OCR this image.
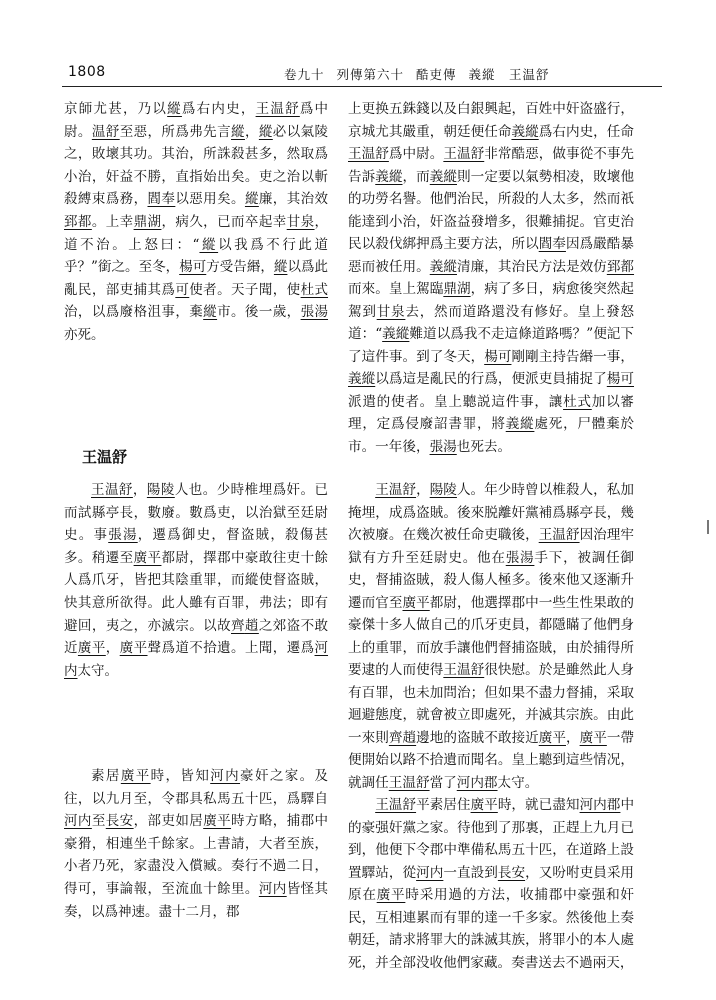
1808	卷九十 列傳第六十 酷吏傳 義縱　王温舒

京師尤甚，乃以縱爲右内史，王温舒爲中尉。温舒至惡，所爲弗先言縱，縱必以氣陵之，敗壞其功。其治，所誅殺甚多，然取爲小治，奸益不勝，直指始出矣。吏之治以斬殺縛束爲務，閻奉以惡用矣。縱廉，其治效郅都。上幸鼎湖，病久，已而卒起幸甘泉，道不治。上怒曰：“縱以我爲不行此道乎？”銜之。至冬，楊可方受告緡，縱以爲此亂民，部吏捕其爲可使者。天子聞，使杜式治，以爲廢格沮事，棄縱市。後一歲，張湯亦死。

王温舒

王温舒，陽陵人也。少時椎埋爲奸。已而試縣亭長，數廢。數爲吏，以治獄至廷尉史。事張湯，遷爲御史，督盗賊，殺傷甚多。稍遷至廣平都尉，擇郡中豪敢往吏十餘人爲爪牙，皆把其陰重罪，而縱使督盗賊，快其意所欲得。此人雖有百罪，弗法；即有避回，夷之，亦滅宗。以故齊趙之郊盗不敢近廣平，廣平聲爲道不拾遺。上聞，遷爲河内太守。

素居廣平時，皆知河内豪奸之家。及往，以九月至，令郡具私馬五十匹，爲驛自河内至長安，部吏如居廣平時方略，捕郡中豪猾，相連坐千餘家。上書請，大者至族，小者乃死，家盡没入償臧。奏行不過二日，得可，事論報，至流血十餘里。河内皆怪其奏，以爲神速。盡十二月，郡

上更换五銖錢以及白銀興起，百姓中奸盗盛行，京城尤其嚴重，朝廷便任命義縱爲右内史，任命王温舒爲中尉。王温舒非常酷惡，做事從不事先告訴義縱，而義縱則一定要以氣勢相凌，敗壞他的功勞名譽。他們治民，所殺的人太多，然而祇能達到小治，奸盗益發增多，很難捕捉。官吏治民以殺伐綁押爲主要方法，所以閻奉因爲嚴酷暴惡而被任用。義縱清廉，其治民方法是效仿郅都而來。皇上駕臨鼎湖，病了多日，病愈後突然起駕到甘泉去，然而道路還没有修好。皇上發怒道：“義縱難道以爲我不走這條道路嗎？”便記下了這件事。到了冬天，楊可剛剛主持告緡一事，義縱以爲這是亂民的行爲，便派吏員捕捉了楊可派遣的使者。皇上聽説這件事，讓杜式加以審理，定爲侵廢詔書罪，將義縱處死，尸體棄於市。一年後，張湯也死去。

王温舒，陽陵人。年少時曾以椎殺人，私加掩埋，成爲盗賊。後來脱離奸黨補爲縣亭長，幾次被廢。在幾次被任命吏職後，王温舒因治理牢獄有方升至廷尉史。他在張湯手下，被調任御史，督捕盗賊，殺人傷人極多。後來他又逐漸升遷而官至廣平都尉，他選擇郡中一些生性果敢的豪傑十多人做自己的爪牙吏員，都隱瞞了他們身上的重罪，而放手讓他們督捕盗賊，由於捕得所要逮的人而使得王温舒很快慰。於是雖然此人身有百罪，也未加問治；但如果不盡力督捕，采取迴避態度，就會被立即處死，并滅其宗族。由此一來則齊趙邊地的盗賊不敢接近廣平，廣平一帶便開始以路不拾遺而聞名。皇上聽到這些情况，就調任王温舒當了河内郡太守。

王温舒平素居住廣平時，就已盡知河内郡中的豪强奸黨之家。待他到了那裏，正趕上九月已到，他便下令郡中準備私馬五十匹，在道路上設置驛站，從河内一直設到長安，又吩咐吏員采用原在廣平時采用過的方法，收捕郡中豪强和奸民，互相連累而有罪的達一千多家。然後他上奏朝廷，請求將罪大的誅滅其族，將罪小的本人處死，并全部没收他們家藏。奏書送去不過兩天，
